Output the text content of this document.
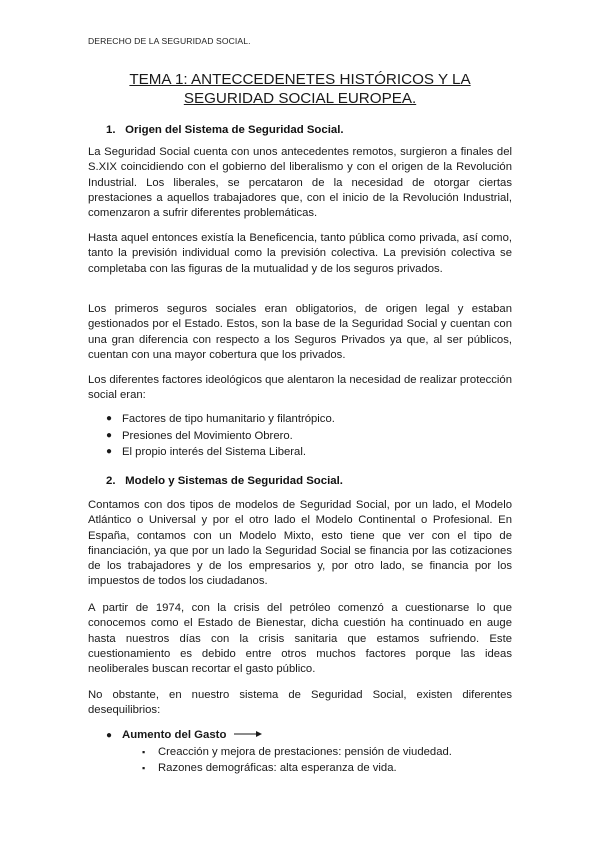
DERECHO DE LA SEGURIDAD SOCIAL.
TEMA 1: ANTECCEDENETES HISTÓRICOS Y LA
SEGURIDAD SOCIAL EUROPEA.
1. Origen del Sistema de Seguridad Social.

La Seguridad Social cuenta con unos antecedentes remotos, surgieron a finales del S.XIX coincidiendo con el gobierno del liberalismo y con el origen de la Revolución Industrial. Los liberales, se percataron de la necesidad de otorgar ciertas prestaciones a aquellos trabajadores que, con el inicio de la Revolución Industrial, comenzaron a sufrir diferentes problemáticas.

Hasta aquel entonces existía la Beneficencia, tanto pública como privada, así como, tanto la previsión individual como la previsión colectiva. La previsión colectiva se completaba con las figuras de la mutualidad y de los seguros privados.

Los primeros seguros sociales eran obligatorios, de origen legal y estaban gestionados por el Estado. Estos, son la base de la Seguridad Social y cuentan con una gran diferencia con respecto a los Seguros Privados ya que, al ser públicos, cuentan con una mayor cobertura que los privados.

Los diferentes factores ideológicos que alentaron la necesidad de realizar protección social eran:

● Factores de tipo humanitario y filantrópico.
● Presiones del Movimiento Obrero.
● El propio interés del Sistema Liberal.
2. Modelo y Sistemas de Seguridad Social.

Contamos con dos tipos de modelos de Seguridad Social, por un lado, el Modelo Atlántico o Universal y por el otro lado el Modelo Continental o Profesional. En España, contamos con un Modelo Mixto, esto tiene que ver con el tipo de financiación, ya que por un lado la Seguridad Social se financia por las cotizaciones de los trabajadores y de los empresarios y, por otro lado, se financia por los impuestos de todos los ciudadanos.

A partir de 1974, con la crisis del petróleo comenzó a cuestionarse lo que conocemos como el Estado de Bienestar, dicha cuestión ha continuado en auge hasta nuestros días con la crisis sanitaria que estamos sufriendo. Este cuestionamiento es debido entre otros muchos factores porque las ideas neoliberales buscan recortar el gasto público.

No obstante, en nuestro sistema de Seguridad Social, existen diferentes desequilibrios:

● Aumento del Gasto
▪ Creacción y mejora de prestaciones: pensión de viudedad.
▪ Razones demográficas: alta esperanza de vida.
